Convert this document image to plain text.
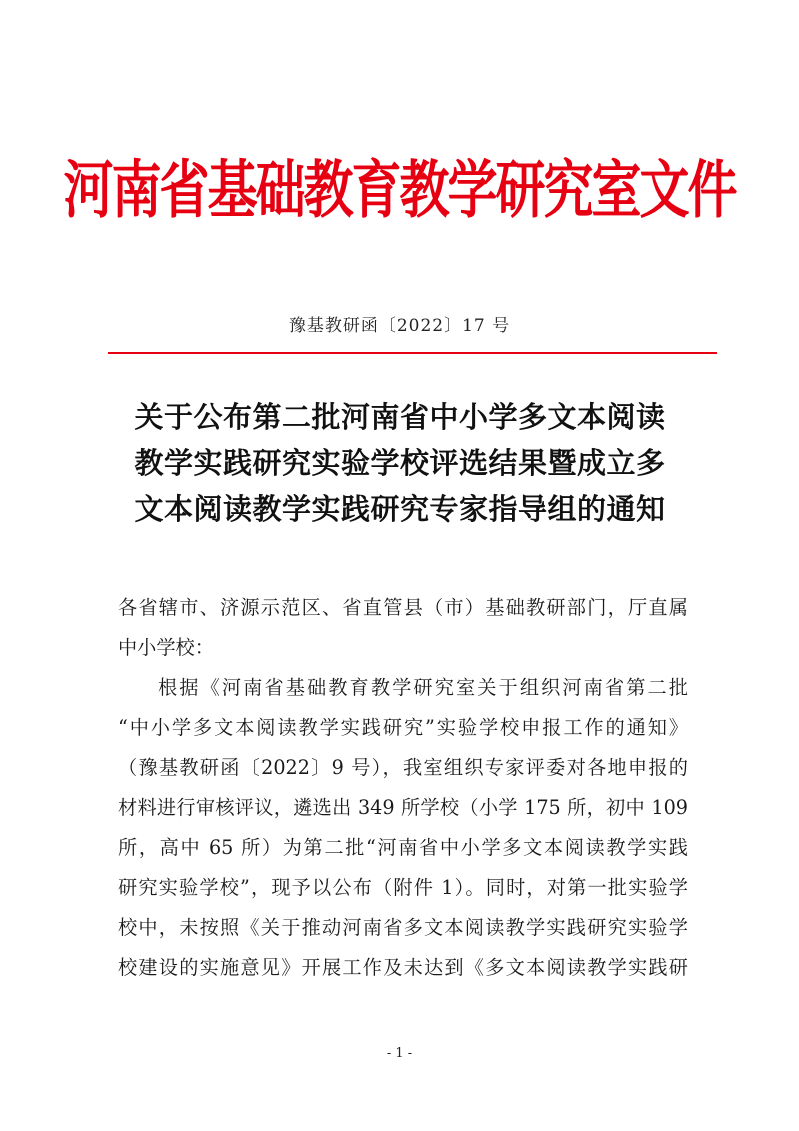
河南省基础教育教学研究室文件
豫基教研函〔2022〕17 号
关于公布第二批河南省中小学多文本阅读
教学实践研究实验学校评选结果暨成立多
文本阅读教学实践研究专家指导组的通知
各省辖市、济源示范区、省直管县（市）基础教研部门，厅直属
中小学校：
根据《河南省基础教育教学研究室关于组织河南省第二批
“中小学多文本阅读教学实践研究”实验学校申报工作的通知》
（豫基教研函〔2022〕9 号），我室组织专家评委对各地申报的
材料进行审核评议，遴选出 349 所学校（小学 175 所，初中 109
所，高中 65 所）为第二批“河南省中小学多文本阅读教学实践
研究实验学校”，现予以公布（附件 1）。同时，对第一批实验学
校中，未按照《关于推动河南省多文本阅读教学实践研究实验学
校建设的实施意见》开展工作及未达到《多文本阅读教学实践研
- 1 -
